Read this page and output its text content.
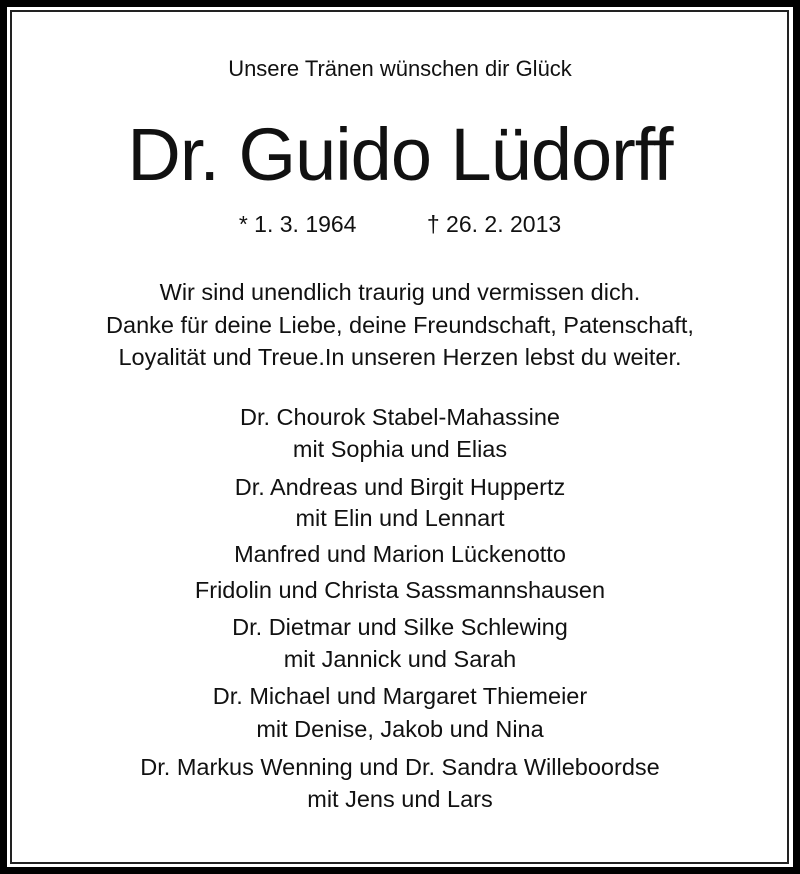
Unsere Tränen wünschen dir Glück
Dr. Guido Lüdorff
* 1. 3. 1964	† 26. 2. 2013
Wir sind unendlich traurig und vermissen dich.
Danke für deine Liebe, deine Freundschaft, Patenschaft,
Loyalität und Treue.In unseren Herzen lebst du weiter.
Dr. Chourok Stabel-Mahassine
mit Sophia und Elias
Dr. Andreas und Birgit Huppertz
mit Elin und Lennart
Manfred und Marion Lückenotto
Fridolin und Christa Sassmannshausen
Dr. Dietmar und Silke Schlewing
mit Jannick und Sarah
Dr. Michael und Margaret Thiemeier
mit Denise, Jakob und Nina
Dr. Markus Wenning und Dr. Sandra Willeboordse
mit Jens und Lars
